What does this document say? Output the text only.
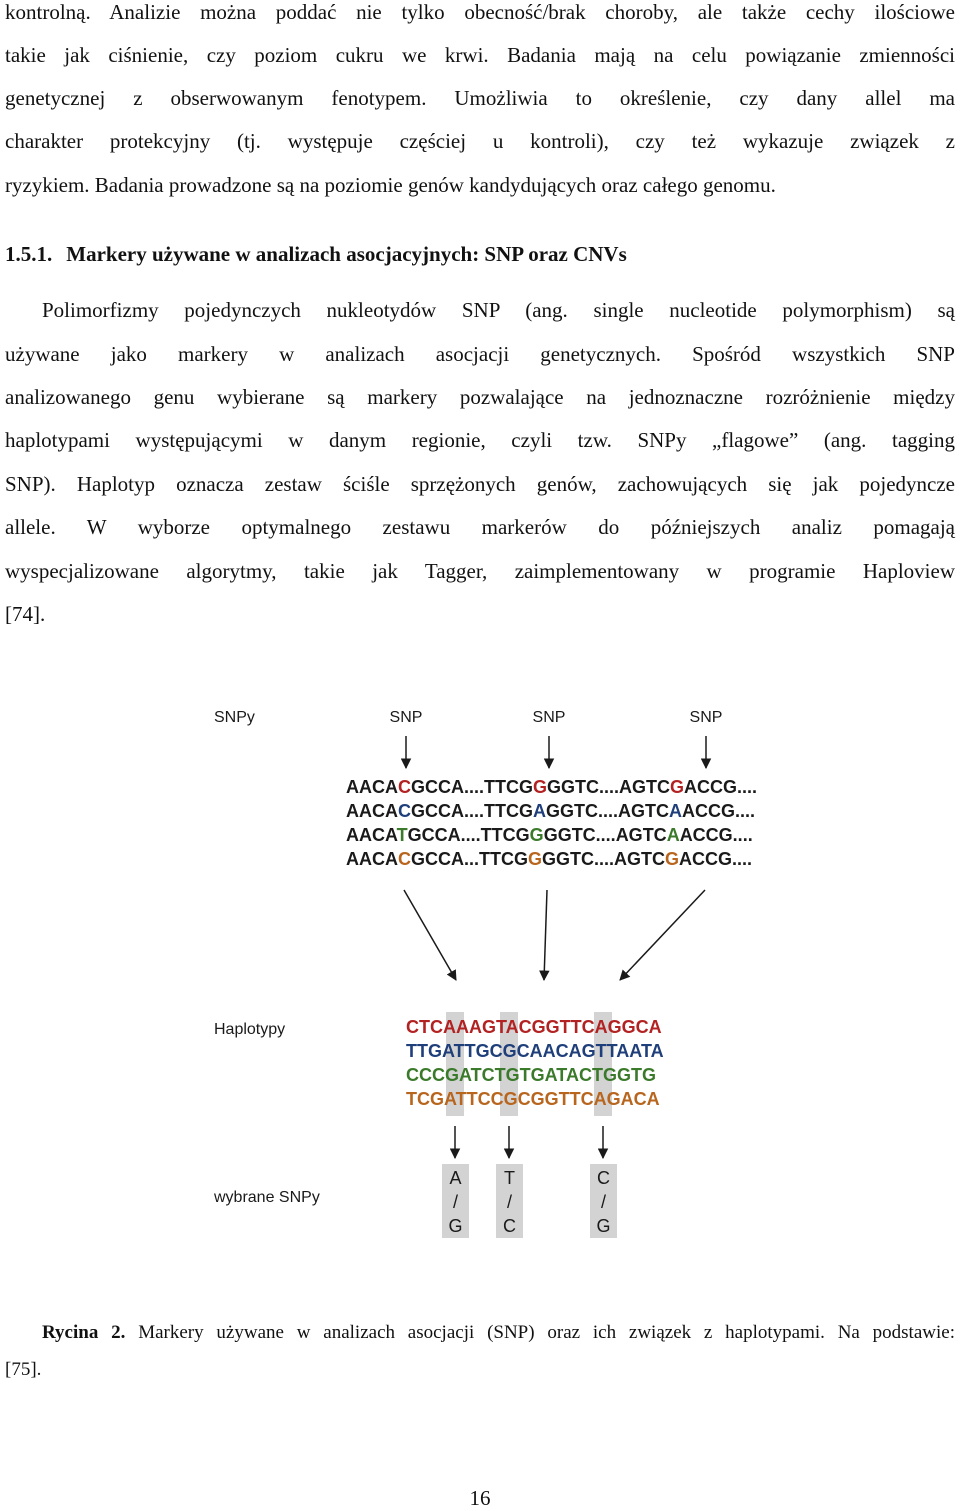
kontrolną. Analizie można poddać nie tylko obecność/brak choroby, ale także cechy ilościowe
takie jak ciśnienie, czy poziom cukru we krwi. Badania mają na celu powiązanie zmienności
genetycznej z obserwowanym fenotypem. Umożliwia to określenie, czy dany allel ma
charakter protekcyjny (tj. występuje częściej u kontroli), czy też wykazuje związek z
ryzykiem. Badania prowadzone są na poziomie genów kandydujących oraz całego genomu.
1.5.1. Markery używane w analizach asocjacyjnych: SNP oraz CNVs
Polimorfizmy pojedynczych nukleotydów SNP (ang. single nucleotide polymorphism) są
używane jako markery w analizach asocjacji genetycznych. Spośród wszystkich SNP
analizowanego genu wybierane są markery pozwalające na jednoznaczne rozróżnienie między
haplotypami występującymi w danym regionie, czyli tzw. SNPy „flagowe” (ang. tagging
SNP). Haplotyp oznacza zestaw ściśle sprzężonych genów, zachowujących się jak pojedyncze
allele. W wyborze optymalnego zestawu markerów do późniejszych analiz pomagają
wyspecjalizowane algorytmy, takie jak Tagger, zaimplementowany w programie Haploview
[74].
SNPy	SNP	SNP	SNP
AACACGCCA....TTCGGGGTC....AGTCGACCG....
AACACGCCA....TTCGAGGTC....AGTCAACCG....
AACATGCCA....TTCGGGGTC....AGTCAACCG....
AACACGCCA...TTCGGGGTC....AGTCGACCG....
Haplotypy	CTCAAAGTACGGTTCAGGCA
TTGATTGCGCAACAGTTAATA
CCCGATCTGTGATACTGGTG
TCGATTCCGCGGTTCAGACA
wybrane SNPy
A
/
G
T
/
C
C
/
G
Rycina 2. Markery używane w analizach asocjacji (SNP) oraz ich związek z haplotypami. Na podstawie:
[75].
16
